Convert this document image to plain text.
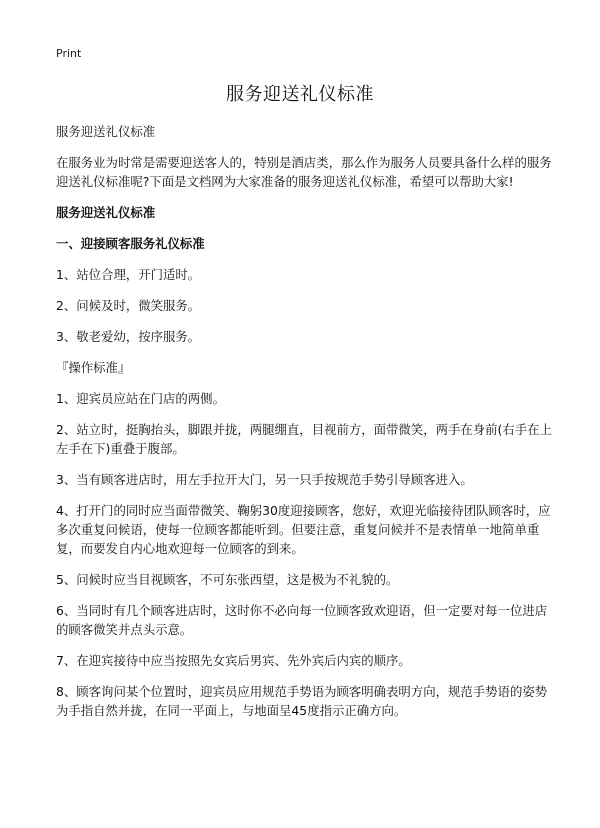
Print
服务迎送礼仪标准

服务迎送礼仪标准

在服务业为时常是需要迎送客人的，特别是酒店类，那么作为服务人员要具备什么样的服务迎送礼仪标准呢?下面是文档网为大家准备的服务迎送礼仪标准，希望可以帮助大家!

服务迎送礼仪标准

一、迎接顾客服务礼仪标准

1、站位合理，开门适时。

2、问候及时，微笑服务。

3、敬老爱幼，按序服务。

『操作标准』

1、迎宾员应站在门店的两侧。

2、站立时，挺胸抬头，脚跟并拢，两腿绷直，目视前方，面带微笑，两手在身前(右手在上左手在下)重叠于腹部。

3、当有顾客进店时，用左手拉开大门，另一只手按规范手势引导顾客进入。

4、打开门的同时应当面带微笑、鞠躬30度迎接顾客，您好，欢迎光临接待团队顾客时，应多次重复问候语，使每一位顾客都能听到。但要注意，重复问候并不是表情单一地简单重复，而要发自内心地欢迎每一位顾客的到来。

5、问候时应当目视顾客，不可东张西望，这是极为不礼貌的。

6、当同时有几个顾客进店时，这时你不必向每一位顾客致欢迎语，但一定要对每一位进店的顾客微笑并点头示意。

7、在迎宾接待中应当按照先女宾后男宾、先外宾后内宾的顺序。

8、顾客询问某个位置时，迎宾员应用规范手势语为顾客明确表明方向，规范手势语的姿势为手指自然并拢，在同一平面上，与地面呈45度指示正确方向。
